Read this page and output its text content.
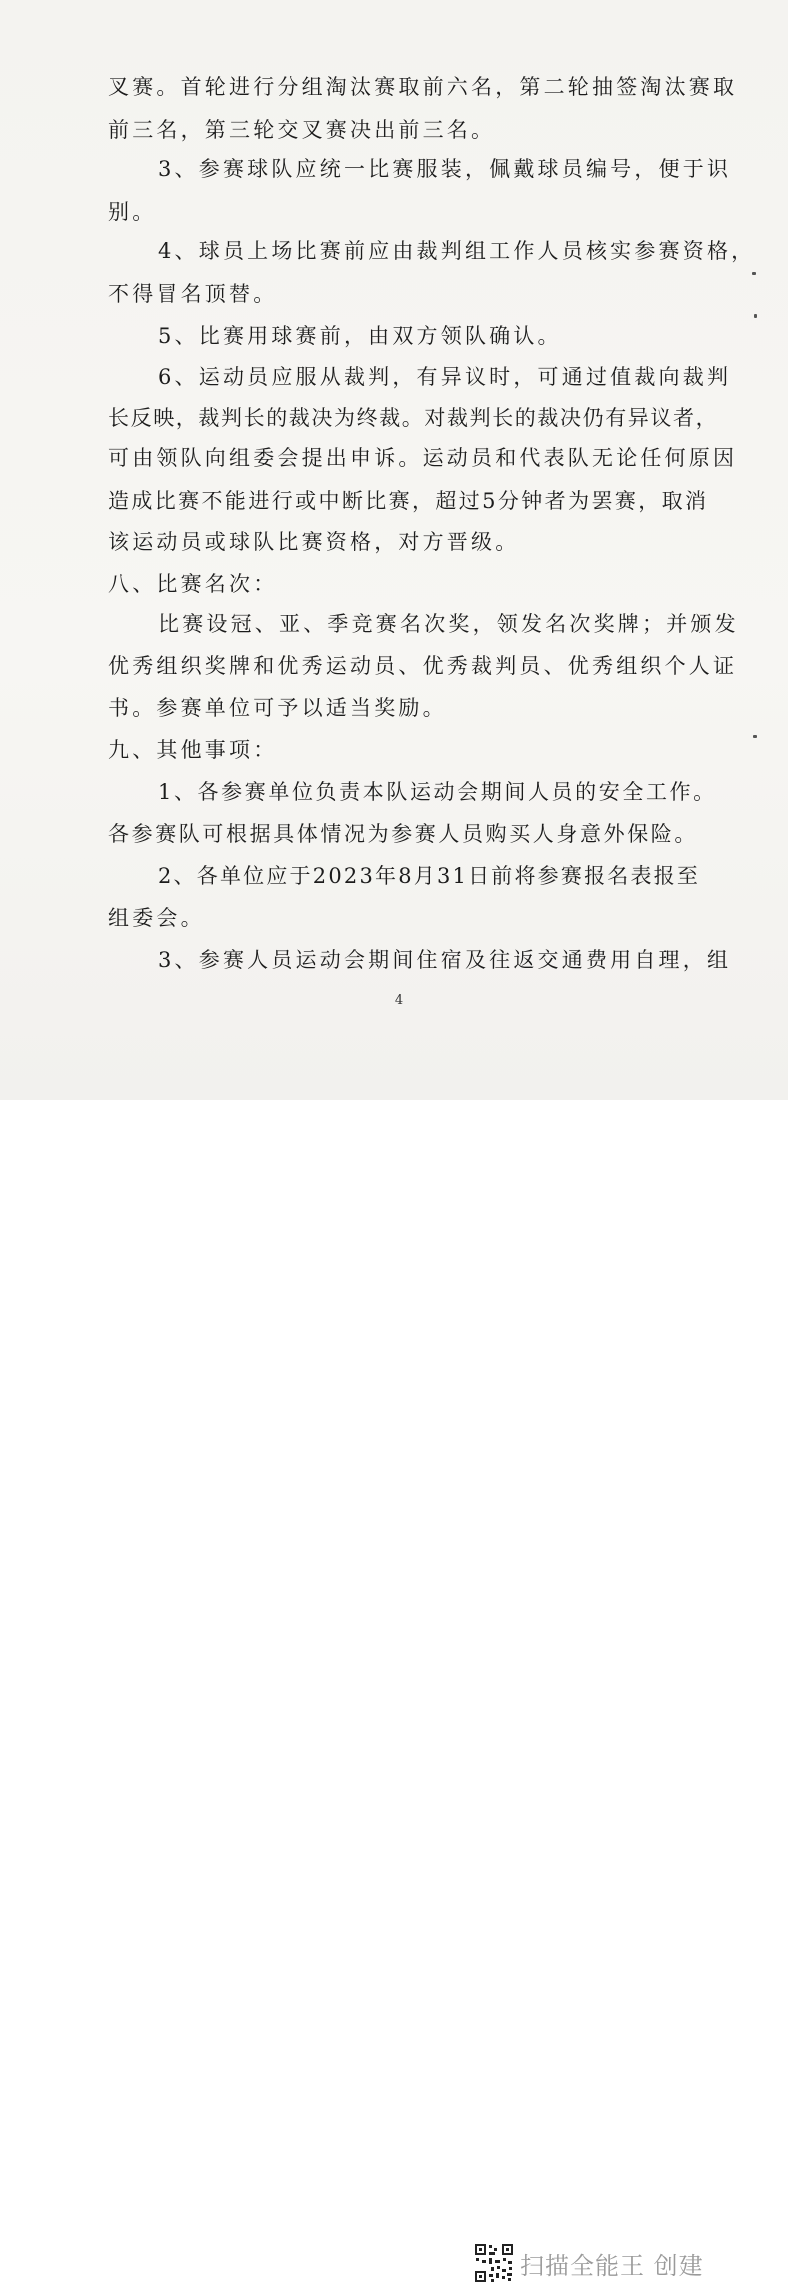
叉赛。首轮进行分组淘汰赛取前六名，第二轮抽签淘汰赛取
前三名，第三轮交叉赛决出前三名。
3、参赛球队应统一比赛服装，佩戴球员编号，便于识
别。
4、球员上场比赛前应由裁判组工作人员核实参赛资格，
不得冒名顶替。
5、比赛用球赛前，由双方领队确认。
6、运动员应服从裁判，有异议时，可通过值裁向裁判
长反映，裁判长的裁决为终裁。对裁判长的裁决仍有异议者，
可由领队向组委会提出申诉。运动员和代表队无论任何原因
造成比赛不能进行或中断比赛，超过5分钟者为罢赛，取消
该运动员或球队比赛资格，对方晋级。
八、比赛名次：
比赛设冠、亚、季竞赛名次奖，领发名次奖牌；并颁发
优秀组织奖牌和优秀运动员、优秀裁判员、优秀组织个人证
书。参赛单位可予以适当奖励。
九、其他事项：
1、各参赛单位负责本队运动会期间人员的安全工作。
各参赛队可根据具体情况为参赛人员购买人身意外保险。
2、各单位应于2023年8月31日前将参赛报名表报至
组委会。
3、参赛人员运动会期间住宿及往返交通费用自理，组
4
扫描全能王 创建
